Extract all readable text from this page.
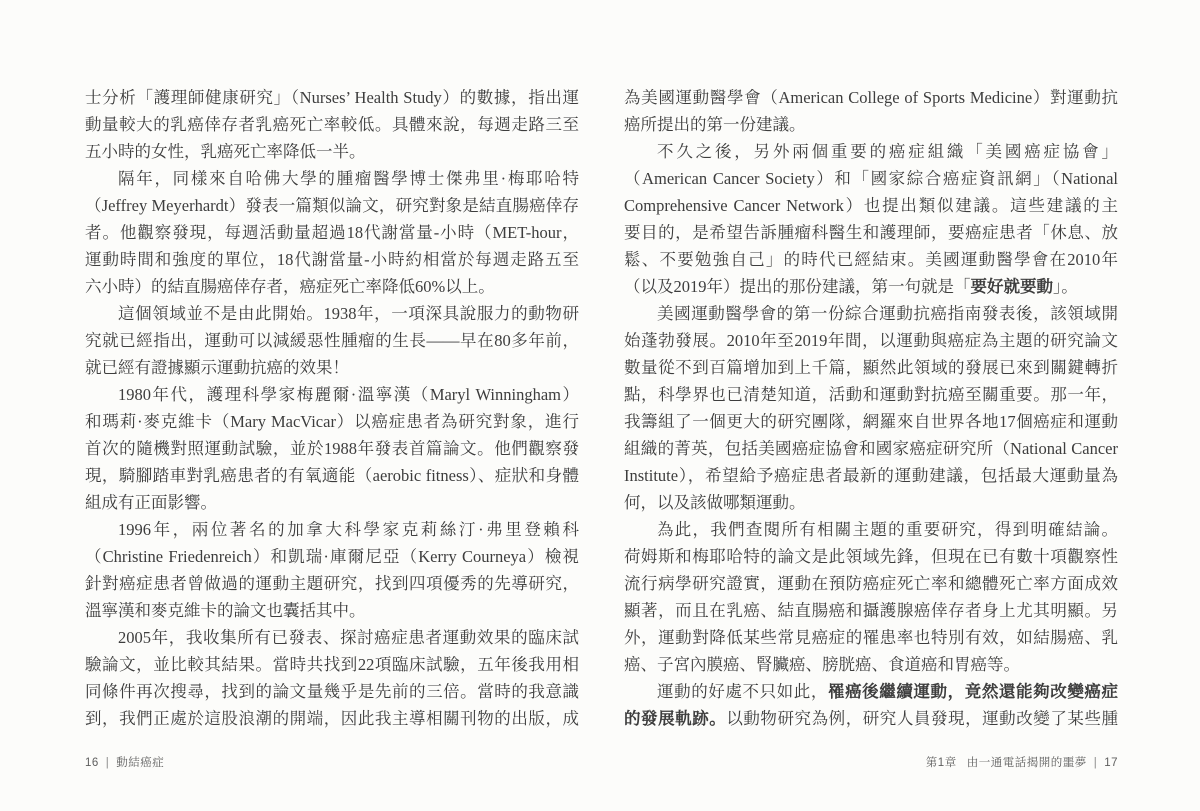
士分析「護理師健康研究」（Nurses’ Health Study）的數據，指出運
動量較大的乳癌倖存者乳癌死亡率較低。具體來說，每週走路三至
五小時的女性，乳癌死亡率降低一半。
隔年，同樣來自哈佛大學的腫瘤醫學博士傑弗里·梅耶哈特
（Jeffrey Meyerhardt）發表一篇類似論文，研究對象是結直腸癌倖存
者。他觀察發現，每週活動量超過18代謝當量-小時（MET-hour，
運動時間和強度的單位，18代謝當量-小時約相當於每週走路五至
六小時）的結直腸癌倖存者，癌症死亡率降低60%以上。
這個領域並不是由此開始。1938年，一項深具說服力的動物研
究就已經指出，運動可以減緩惡性腫瘤的生長——早在80多年前，
就已經有證據顯示運動抗癌的效果！
1980年代，護理科學家梅麗爾·溫寧漢（Maryl Winningham）
和瑪莉·麥克維卡（Mary MacVicar）以癌症患者為研究對象，進行
首次的隨機對照運動試驗，並於1988年發表首篇論文。他們觀察發
現，騎腳踏車對乳癌患者的有氧適能（aerobic fitness）、症狀和身體
組成有正面影響。
1996年，兩位著名的加拿大科學家克莉絲汀·弗里登賴科
（Christine Friedenreich）和凱瑞·庫爾尼亞（Kerry Courneya）檢視
針對癌症患者曾做過的運動主題研究，找到四項優秀的先導研究，
溫寧漢和麥克維卡的論文也囊括其中。
2005年，我收集所有已發表、探討癌症患者運動效果的臨床試
驗論文，並比較其結果。當時共找到22項臨床試驗，五年後我用相
同條件再次搜尋，找到的論文量幾乎是先前的三倍。當時的我意識
到，我們正處於這股浪潮的開端，因此我主導相關刊物的出版，成
為美國運動醫學會（American College of Sports Medicine）對運動抗
癌所提出的第一份建議。
不久之後，另外兩個重要的癌症組織「美國癌症協會」
（American Cancer Society）和「國家綜合癌症資訊網」（National
Comprehensive Cancer Network）也提出類似建議。這些建議的主
要目的，是希望告訴腫瘤科醫生和護理師，要癌症患者「休息、放
鬆、不要勉強自己」的時代已經結束。美國運動醫學會在2010年
（以及2019年）提出的那份建議，第一句就是「要好就要動」。
美國運動醫學會的第一份綜合運動抗癌指南發表後，該領域開
始蓬勃發展。2010年至2019年間，以運動與癌症為主題的研究論文
數量從不到百篇增加到上千篇，顯然此領域的發展已來到關鍵轉折
點，科學界也已清楚知道，活動和運動對抗癌至關重要。那一年，
我籌組了一個更大的研究團隊，網羅來自世界各地17個癌症和運動
組織的菁英，包括美國癌症協會和國家癌症研究所（National Cancer
Institute），希望給予癌症患者最新的運動建議，包括最大運動量為
何，以及該做哪類運動。
為此，我們查閱所有相關主題的重要研究，得到明確結論。
荷姆斯和梅耶哈特的論文是此領域先鋒，但現在已有數十項觀察性
流行病學研究證實，運動在預防癌症死亡率和總體死亡率方面成效
顯著，而且在乳癌、結直腸癌和攝護腺癌倖存者身上尤其明顯。另
外，運動對降低某些常見癌症的罹患率也特別有效，如結腸癌、乳
癌、子宮內膜癌、腎臟癌、膀胱癌、食道癌和胃癌等。
運動的好處不只如此，罹癌後繼續運動，竟然還能夠改變癌症
的發展軌跡。以動物研究為例，研究人員發現，運動改變了某些腫
16 | 動結癌症	第1章 由一通電話揭開的噩夢 | 17
